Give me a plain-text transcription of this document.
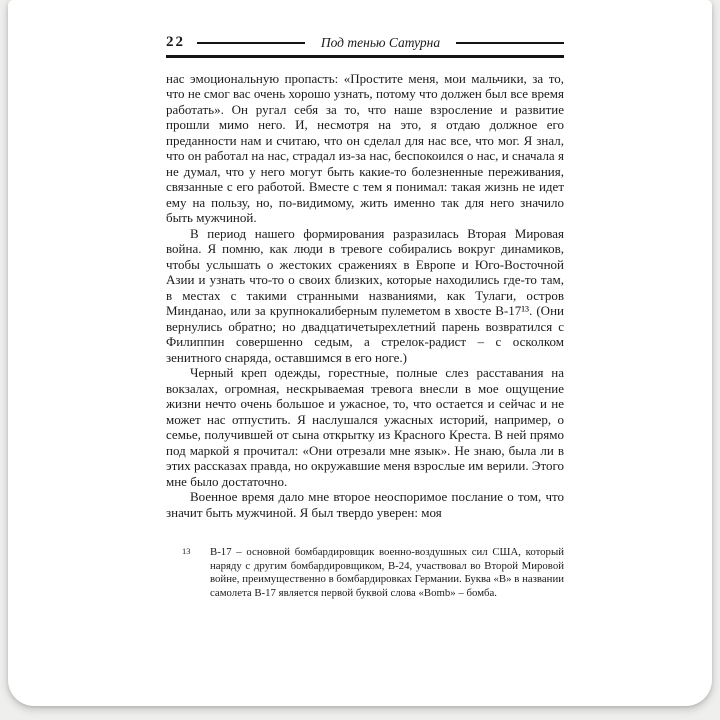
22	Под тенью Сатурна

нас эмоциональную пропасть: «Простите меня, мои мальчики, за то, что не смог вас очень хорошо узнать, потому что должен был все время работать». Он ругал себя за то, что наше взросление и развитие прошли мимо него. И, несмотря на это, я отдаю должное его преданности нам и считаю, что он сделал для нас все, что мог. Я знал, что он работал на нас, страдал из-за нас, беспокоился о нас, и сначала я не думал, что у него могут быть какие-то болезненные переживания, связанные с его работой. Вместе с тем я понимал: такая жизнь не идет ему на пользу, но, по-видимому, жить именно так для него значило быть мужчиной.

В период нашего формирования разразилась Вторая Мировая война. Я помню, как люди в тревоге собирались вокруг динамиков, чтобы услышать о жестоких сражениях в Европе и Юго-Восточной Азии и узнать что-то о своих близких, которые находились где-то там, в местах с такими странными названиями, как Тулаги, остров Минданао, или за крупнокалиберным пулеметом в хвосте В-17¹³. (Они вернулись обратно; но двадцатичетырехлетний парень возвратился с Филиппин совершенно седым, а стрелок-радист – с осколком зенитного снаряда, оставшимся в его ноге.)

Черный креп одежды, горестные, полные слез расставания на вокзалах, огромная, нескрываемая тревога внесли в мое ощущение жизни нечто очень большое и ужасное, то, что остается и сейчас и не может нас отпустить. Я наслушался ужасных историй, например, о семье, получившей от сына открытку из Красного Креста. В ней прямо под маркой я прочитал: «Они отрезали мне язык». Не знаю, была ли в этих рассказах правда, но окружавшие меня взрослые им верили. Этого мне было достаточно.

Военное время дало мне второе неоспоримое послание о том, что значит быть мужчиной. Я был твердо уверен: моя

13 В-17 – основной бомбардировщик военно-воздушных сил США, который наряду с другим бомбардировщиком, В-24, участвовал во Второй Мировой войне, преимущественно в бомбардировках Германии. Буква «В» в названии самолета В-17 является первой буквой слова «Bomb» – бомба.
